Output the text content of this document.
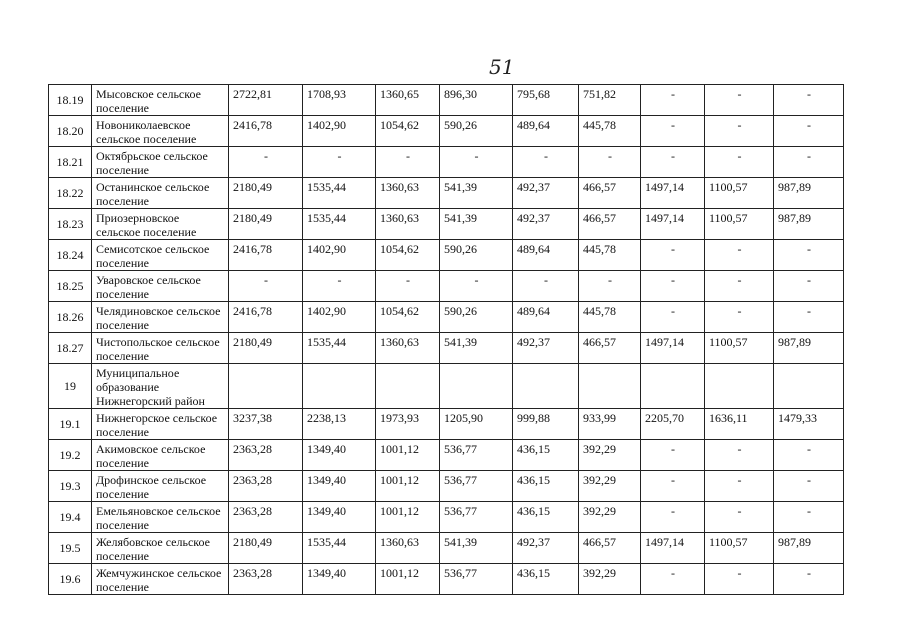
51
18.19	Мысовское сельское поселение	2722,81	1708,93	1360,65	896,30	795,68	751,82	-	-	-
18.20	Новониколаевское сельское поселение	2416,78	1402,90	1054,62	590,26	489,64	445,78	-	-	-
18.21	Октябрьское сельское поселение	-	-	-	-	-	-	-	-	-
18.22	Останинское сельское поселение	2180,49	1535,44	1360,63	541,39	492,37	466,57	1497,14	1100,57	987,89
18.23	Приозерновское сельское поселение	2180,49	1535,44	1360,63	541,39	492,37	466,57	1497,14	1100,57	987,89
18.24	Семисотское сельское поселение	2416,78	1402,90	1054,62	590,26	489,64	445,78	-	-	-
18.25	Уваровское сельское поселение	-	-	-	-	-	-	-	-	-
18.26	Челядиновское сельское поселение	2416,78	1402,90	1054,62	590,26	489,64	445,78	-	-	-
18.27	Чистопольское сельское поселение	2180,49	1535,44	1360,63	541,39	492,37	466,57	1497,14	1100,57	987,89
19	Муниципальное образование Нижнегорский район									
19.1	Нижнегорское сельское поселение	3237,38	2238,13	1973,93	1205,90	999,88	933,99	2205,70	1636,11	1479,33
19.2	Акимовское сельское поселение	2363,28	1349,40	1001,12	536,77	436,15	392,29	-	-	-
19.3	Дрофинское сельское поселение	2363,28	1349,40	1001,12	536,77	436,15	392,29	-	-	-
19.4	Емельяновское сельское поселение	2363,28	1349,40	1001,12	536,77	436,15	392,29	-	-	-
19.5	Желябовское сельское поселение	2180,49	1535,44	1360,63	541,39	492,37	466,57	1497,14	1100,57	987,89
19.6	Жемчужинское сельское поселение	2363,28	1349,40	1001,12	536,77	436,15	392,29	-	-	-
